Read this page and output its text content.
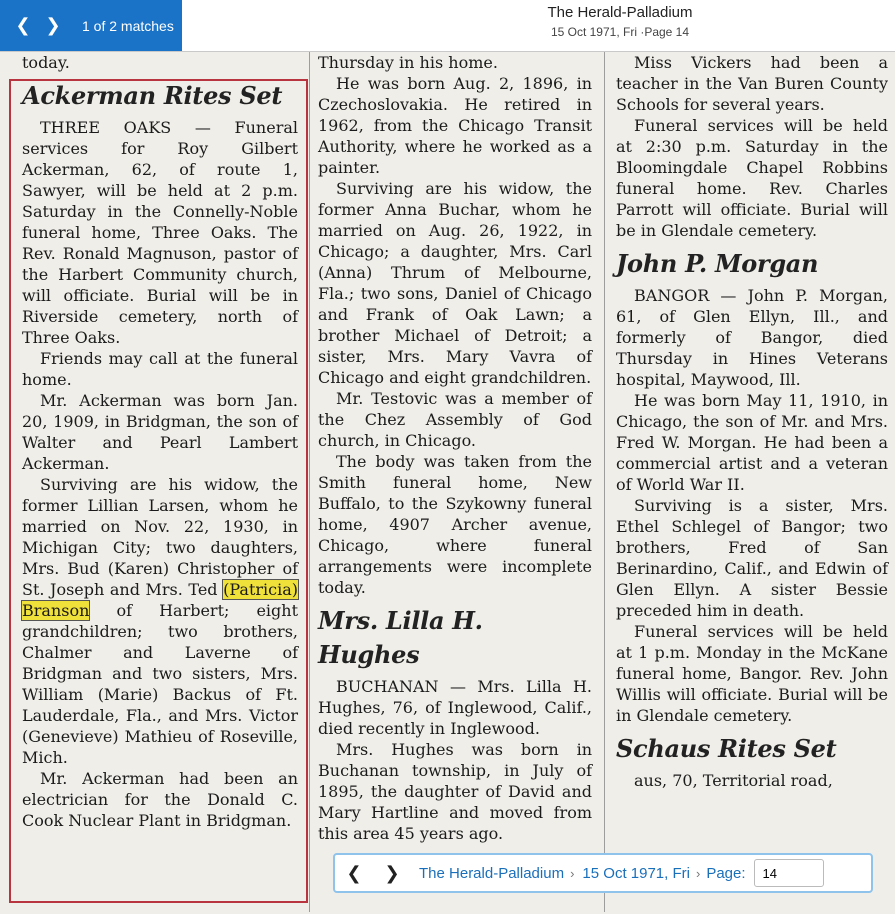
❮ ❯	1 of 2 matches
The Herald-Palladium
15 Oct 1971, Fri ·Page 14

today.

Ackerman Rites Set

THREE OAKS — Funeral services for Roy Gilbert Ackerman, 62, of route 1, Sawyer, will be held at 2 p.m. Saturday in the Connelly-Noble funeral home, Three Oaks. The Rev. Ronald Magnuson, pastor of the Harbert Community church, will officiate. Burial will be in Riverside cemetery, north of Three Oaks.

Friends may call at the funeral home.

Mr. Ackerman was born Jan. 20, 1909, in Bridgman, the son of Walter and Pearl Lambert Ackerman.

Surviving are his widow, the former Lillian Larsen, whom he married on Nov. 22, 1930, in Michigan City; two daughters, Mrs. Bud (Karen) Christopher of St. Joseph and Mrs. Ted (Patricia) Branson of Harbert; eight grandchildren; two brothers, Chalmer and Laverne of Bridgman and two sisters, Mrs. William (Marie) Backus of Ft. Lauderdale, Fla., and Mrs. Victor (Genevieve) Mathieu of Roseville, Mich.

Mr. Ackerman had been an electrician for the Donald C. Cook Nuclear Plant in Bridgman.

Thursday in his home.

He was born Aug. 2, 1896, in Czechoslovakia. He retired in 1962, from the Chicago Transit Authority, where he worked as a painter.

Surviving are his widow, the former Anna Buchar, whom he married on Aug. 26, 1922, in Chicago; a daughter, Mrs. Carl (Anna) Thrum of Melbourne, Fla.; two sons, Daniel of Chicago and Frank of Oak Lawn; a brother Michael of Detroit; a sister, Mrs. Mary Vavra of Chicago and eight grandchildren.

Mr. Testovic was a member of the Chez Assembly of God church, in Chicago.

The body was taken from the Smith funeral home, New Buffalo, to the Szykowny funeral home, 4907 Archer avenue, Chicago, where funeral arrangements were incomplete today.

Mrs. Lilla H. Hughes

BUCHANAN — Mrs. Lilla H. Hughes, 76, of Inglewood, Calif., died recently in Inglewood.

Mrs. Hughes was born in Buchanan township, in July of 1895, the daughter of David and Mary Hartline and moved from this area 45 years ago.

Miss Vickers had been a teacher in the Van Buren County Schools for several years.

Funeral services will be held at 2:30 p.m. Saturday in the Bloomingdale Chapel Robbins funeral home. Rev. Charles Parrott will officiate. Burial will be in Glendale cemetery.

John P. Morgan

BANGOR — John P. Morgan, 61, of Glen Ellyn, Ill., and formerly of Bangor, died Thursday in Hines Veterans hospital, Maywood, Ill.

He was born May 11, 1910, in Chicago, the son of Mr. and Mrs. Fred W. Morgan. He had been a commercial artist and a veteran of World War II.

Surviving is a sister, Mrs. Ethel Schlegel of Bangor; two brothers, Fred of San Berinardino, Calif., and Edwin of Glen Ellyn. A sister Bessie preceded him in death.

Funeral services will be held at 1 p.m. Monday in the McKane funeral home, Bangor. Rev. John Willis will officiate. Burial will be in Glendale cemetery.

Schaus Rites Set

aus, 70, Territorial road,

❮	❯	The Herald-Palladium › 15 Oct 1971, Fri › Page:
14
